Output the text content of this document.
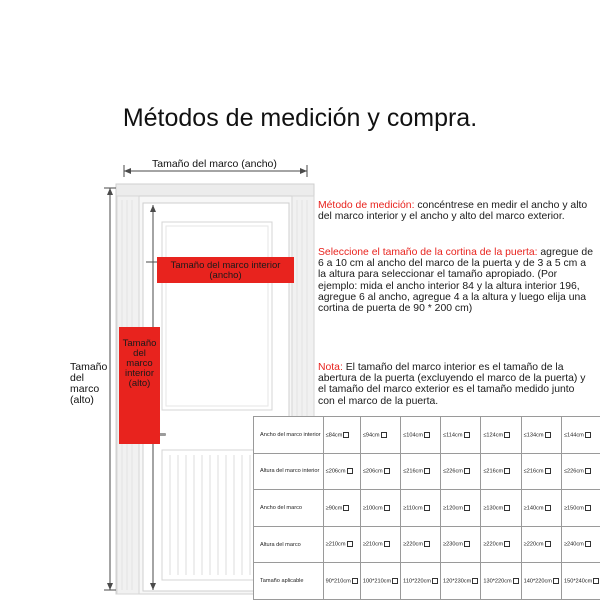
Métodos de medición y compra.
Tamaño del marco (ancho)
Tamaño del marco (alto)
Tamaño del marco interior (ancho)
Tamaño del marco interior (alto)
Método de medición: concéntrese en medir el ancho y alto del marco interior y el ancho y alto del marco exterior.
Seleccione el tamaño de la cortina de la puerta: agregue de 6 a 10 cm al ancho del marco de la puerta y de 3 a 5 cm a la altura para seleccionar el tamaño apropiado. (Por ejemplo: mida el ancho interior 84 y la altura interior 196, agregue 6 al ancho, agregue 4 a la altura y luego elija una cortina de puerta de 90 * 200 cm)
Nota: El tamaño del marco interior es el tamaño de la abertura de la puerta (excluyendo el marco de la puerta) y el tamaño del marco exterior es el tamaño medido junto con el marco de la puerta.
Ancho del marco interior	≤84cm	≤94cm	≤104cm	≤114cm	≤124cm	≤134cm	≤144cm
Altura del marco interior	≤206cm	≤206cm	≤216cm	≤226cm	≤216cm	≤216cm	≤226cm
Ancho del marco	≥90cm	≥100cm	≥110cm	≥120cm	≥130cm	≥140cm	≥150cm
Altura del marco	≥210cm	≥210cm	≥220cm	≥230cm	≥220cm	≥220cm	≥240cm
Tamaño aplicable	90*210cm	100*210cm	110*220cm	120*230cm	130*220cm	140*220cm	150*240cm
